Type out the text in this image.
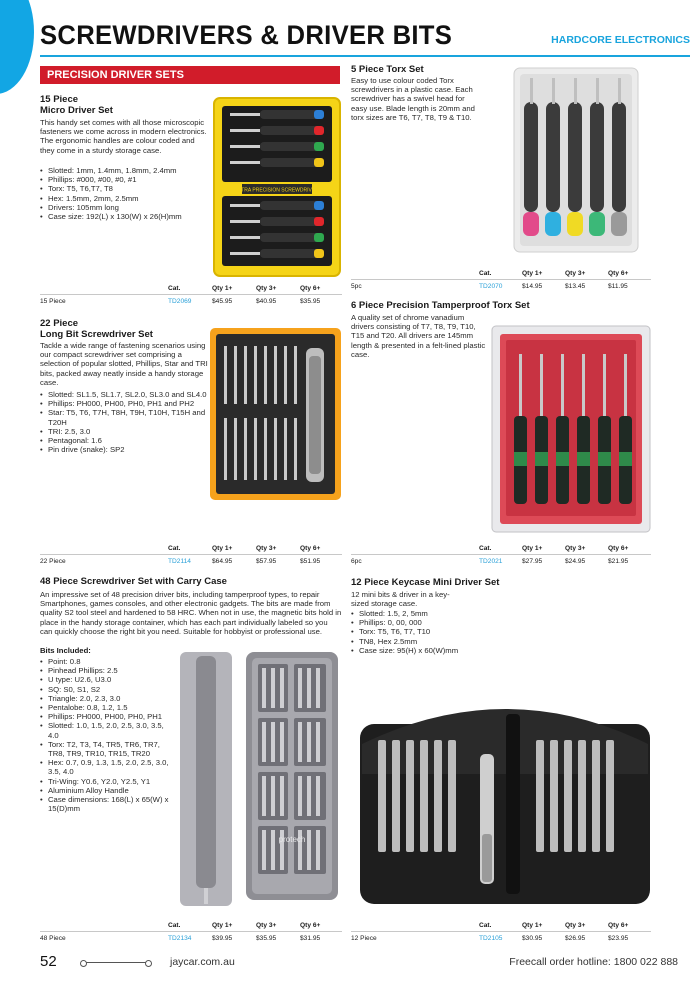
SCREWDRIVERS & DRIVER BITS	HARDCORE ELECTRONICS
PRECISION DRIVER SETS
15 Piece
Micro Driver Set
This handy set comes with all those microscopic fasteners we come across in modern electronics. The ergonomic handles are colour coded and they come in a sturdy storage case.
• Slotted: 1mm, 1.4mm, 1.8mm, 2.4mm
• Phillips: #000, #00, #0, #1
• Torx: T5, T6,T7, T8
• Hex: 1.5mm, 2mm, 2.5mm
• Drivers: 105mm long
• Case size: 192(L) x 130(W) x 26(H)mm
ULTRA PRECISION SCREWDRIVER
	Cat.	Qty 1+	Qty 3+	Qty 6+
15 Piece	TD2069	$45.95	$40.95	$35.95
22 Piece
Long Bit Screwdriver Set
Tackle a wide range of fastening scenarios using our compact screwdriver set comprising a selection of popular slotted, Phillips, Star and TRI bits, packed away neatly inside a handy storage case.
• Slotted: SL1.5, SL1.7, SL2.0, SL3.0 and SL4.0
• Phillips: PH000, PH00, PH0, PH1 and PH2
• Star: T5, T6, T7H, T8H, T9H, T10H, T15H and T20H
• TRI: 2.5, 3.0
• Pentagonal: 1.6
• Pin drive (snake): SP2
	Cat.	Qty 1+	Qty 3+	Qty 6+
22 Piece	TD2114	$64.95	$57.95	$51.95
48 Piece Screwdriver Set with Carry Case
An impressive set of 48 precision driver bits, including tamperproof types, to repair Smartphones, games consoles, and other electronic gadgets. The bits are made from quality S2 tool steel and hardened to 58 HRC. When not in use, the magnetic bits hold in place in the handy storage container, which has each part individually labeled so you can quickly choose the right bit you need. Suitable for hobbyist or professional use.
Bits Included:
• Point: 0.8
• Pinhead Phillips: 2.5
• U type: U2.6, U3.0
• SQ: S0, S1, S2
• Triangle: 2.0, 2.3, 3.0
• Pentalobe: 0.8, 1.2, 1.5
• Phillips: PH000, PH00, PH0, PH1
• Slotted: 1.0, 1.5, 2.0, 2.5, 3.0, 3.5, 4.0
• Torx: T2, T3, T4, TR5, TR6, TR7, TR8, TR9, TR10, TR15, TR20
• Hex: 0.7, 0.9, 1.3, 1.5, 2.0, 2.5, 3.0, 3.5, 4.0
• Tri-Wing: Y0.6, Y2.0, Y2.5, Y1
• Aluminium Alloy Handle
• Case dimensions: 168(L) x 65(W) x 15(D)mm
protech
	Cat.	Qty 1+	Qty 3+	Qty 6+
48 Piece	TD2134	$39.95	$35.95	$31.95
5 Piece Torx Set
Easy to use colour coded Torx screwdrivers in a plastic case. Each screwdriver has a swivel head for easy use. Blade length is 20mm and torx sizes are T6, T7, T8, T9 & T10.
	Cat.	Qty 1+	Qty 3+	Qty 6+
5pc	TD2070	$14.95	$13.45	$11.95
6 Piece Precision Tamperproof Torx Set
A quality set of chrome vanadium drivers consisting of T7, T8, T9, T10, T15 and T20. All drivers are 145mm length & presented in a felt-lined plastic case.
	Cat.	Qty 1+	Qty 3+	Qty 6+
6pc	TD2021	$27.95	$24.95	$21.95
12 Piece Keycase Mini Driver Set
12 mini bits & driver in a key-sized storage case.
• Slotted: 1.5, 2, 5mm
• Phillips: 0, 00, 000
• Torx: T5, T6, T7, T10
• TN8, Hex 2.5mm
• Case size: 95(H) x 60(W)mm
	Cat.	Qty 1+	Qty 3+	Qty 6+
12 Piece	TD2105	$30.95	$26.95	$23.95
52	jaycar.com.au	Freecall order hotline: 1800 022 888
